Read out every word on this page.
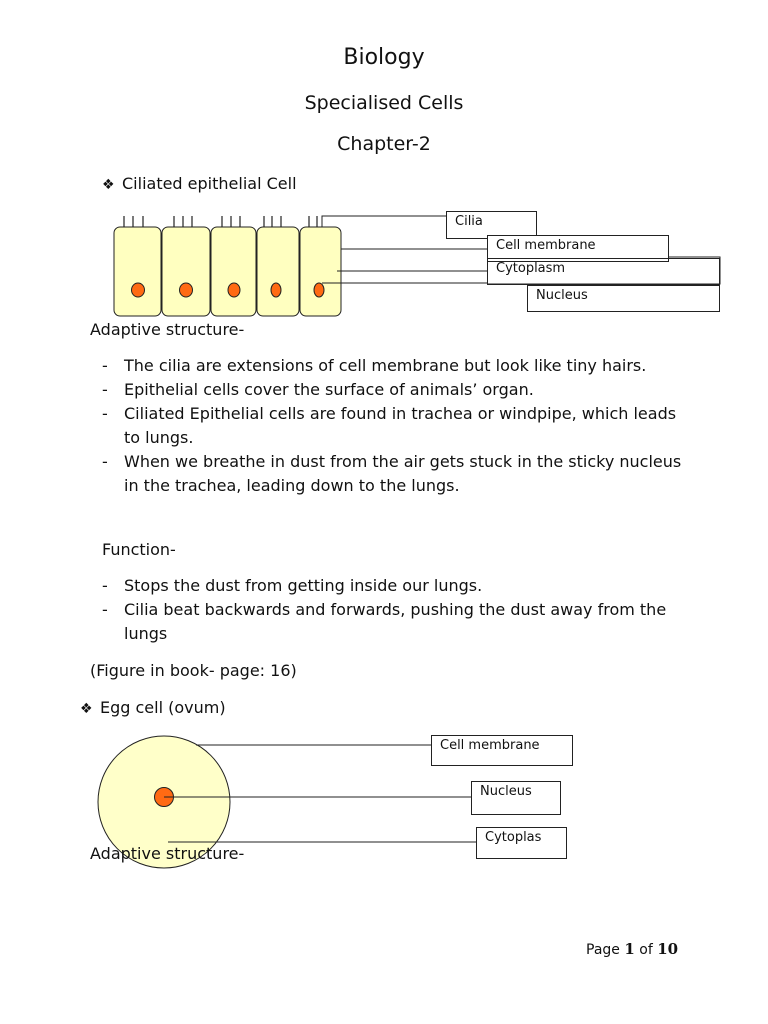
Biology
Specialised Cells
Chapter-2
❖ Ciliated epithelial Cell
Cilia
Cell membrane
Cytoplasm
Nucleus
Adaptive structure-
- The cilia are extensions of cell membrane but look like tiny hairs.
- Epithelial cells cover the surface of animals’ organ.
- Ciliated Epithelial cells are found in trachea or windpipe, which leads to lungs.
- When we breathe in dust from the air gets stuck in the sticky nucleus in the trachea, leading down to the lungs.
Function-
- Stops the dust from getting inside our lungs.
- Cilia beat backwards and forwards, pushing the dust away from the lungs
(Figure in book- page: 16)
❖ Egg cell (ovum)
Cell membrane
Nucleus
Cytoplas
Adaptive structure-
Page 1 of 10
